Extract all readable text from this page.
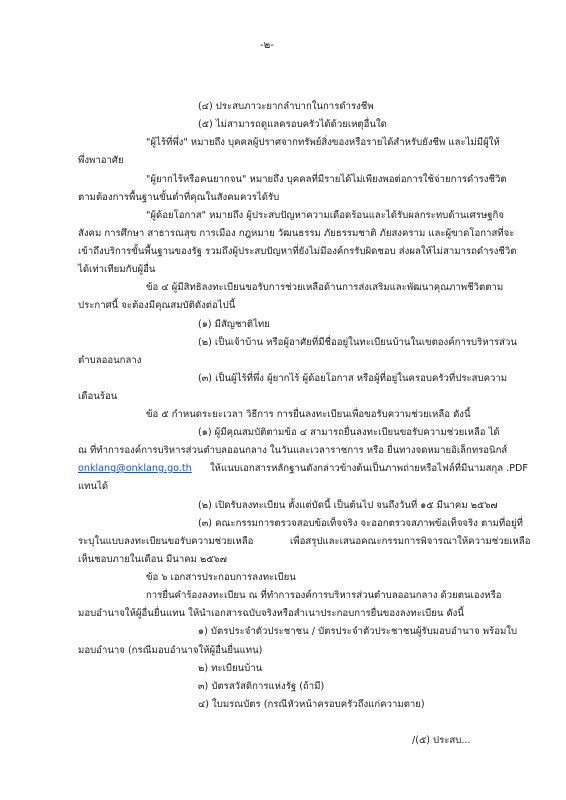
-๒-
(๔) ประสบภาวะยากลำบากในการดำรงชีพ
(๕) ไม่สามารถดูแลครอบครัวได้ด้วยเหตุอื่นใด
"ผู้ไร้ที่พึ่ง" หมายถึง บุคคลผู้ปราศจากทรัพย์สิ่งของหรือรายได้สำหรับยังชีพ และไม่มีผู้ให้
พึ่งพาอาศัย
"ผู้ยากไร้หรือคนยากจน" หมายถึง บุคคลที่มีรายได้ไม่เพียงพอต่อการใช้จ่ายการดำรงชีวิต
ตามต้องการพื้นฐานขั้นต่ำที่คุณในสังคมควรได้รับ
"ผู้ด้อยโอกาส" หมายถึง ผู้ประสบปัญหาความเดือดร้อนและได้รับผลกระทบด้านเศรษฐกิจ
สังคม การศึกษา สาธารณสุข การเมือง กฎหมาย วัฒนธรรม ภัยธรรมชาติ ภัยสงคราม และผู้ขาดโอกาสที่จะ
เข้าถึงบริการขั้นพื้นฐานของรัฐ รวมถึงผู้ประสบปัญหาที่ยังไม่มีองค์กรรับผิดชอบ ส่งผลให้ไม่สามารถดำรงชีวิต
ได้เท่าเทียมกับผู้อื่น
ข้อ ๔ ผู้มีสิทธิลงทะเบียนขอรับการช่วยเหลือด้านการส่งเสริมและพัฒนาคุณภาพชีวิตตาม
ประกาศนี้ จะต้องมีคุณสมบัติดังต่อไปนี้
(๑) มีสัญชาติไทย
(๒) เป็นเจ้าบ้าน หรือผู้อาศัยที่มีชื่ออยู่ในทะเบียนบ้านในเขตองค์การบริหารส่วน
ตำบลออนกลาง
(๓) เป็นผู้ไร้ที่พึ่ง ผู้ยากไร้ ผู้ด้อยโอกาส หรือผู้ที่อยู่ในครอบครัวที่ประสบความ
เดือนร้อน
ข้อ ๕ กำหนดระยะเวลา วิธีการ การยื่นลงทะเบียนเพื่อขอรับความช่วยเหลือ ดังนี้
(๑) ผู้มีคุณสมบัติตามข้อ ๔ สามารถยื่นลงทะเบียนขอรับความช่วยเหลือ ได้
ณ ที่ทำการองค์การบริหารส่วนตำบลออนกลาง ในวันและเวลาราชการ หรือ ยื่นทางจดหมายอิเล็กทรอนิกส์
onklang@onklang.go.th ให้แนบเอกสารหลักฐานดังกล่าวข้างต้นเป็นภาพถ่ายหรือไฟล์ที่มีนามสกุล .PDF
แทนได้
(๒) เปิดรับลงทะเบียน ตั้งแต่บัดนี้ เป็นต้นไป จนถึงวันที่ ๑๕ มีนาคม ๒๕๖๗
(๓) คณะกรรมการตรวจสอบข้อเท็จจริง จะออกตรวจสภาพข้อเท็จจริง ตามที่อยู่ที่
ระบุในแบบลงทะเบียนขอรับความช่วยเหลือ	เพื่อสรุปและเสนอคณะกรรมการพิจารณาให้ความช่วยเหลือ
เห็นชอบภายในเดือน มีนาคม ๒๕๖๗
ข้อ ๖ เอกสารประกอบการลงทะเบียน
การยื่นคำร้องลงทะเบียน ณ ที่ทำการองค์การบริหารส่วนตำบลออนกลาง ด้วยตนเองหรือ
มอบอำนาจให้ผู้อื่นยื่นแทน ให้นำเอกสารฉบับจริงหรือสำเนาประกอบการยื่นของลงทะเบียน ดังนี้
๑) บัตรประจำตัวประชาชน / บัตรประจำตัวประชาชนผู้รับมอบอำนาจ พร้อมใบ
มอบอำนาจ (กรณีมอบอำนาจให้ผู้อื่นยื่นแทน)
๒) ทะเบียนบ้าน
๓) บัตรสวัสดิการแห่งรัฐ (ถ้ามี)
๔) ใบมรณบัตร (กรณีหัวหน้าครอบครัวถึงแก่ความตาย)
/(๕) ประสบ...
